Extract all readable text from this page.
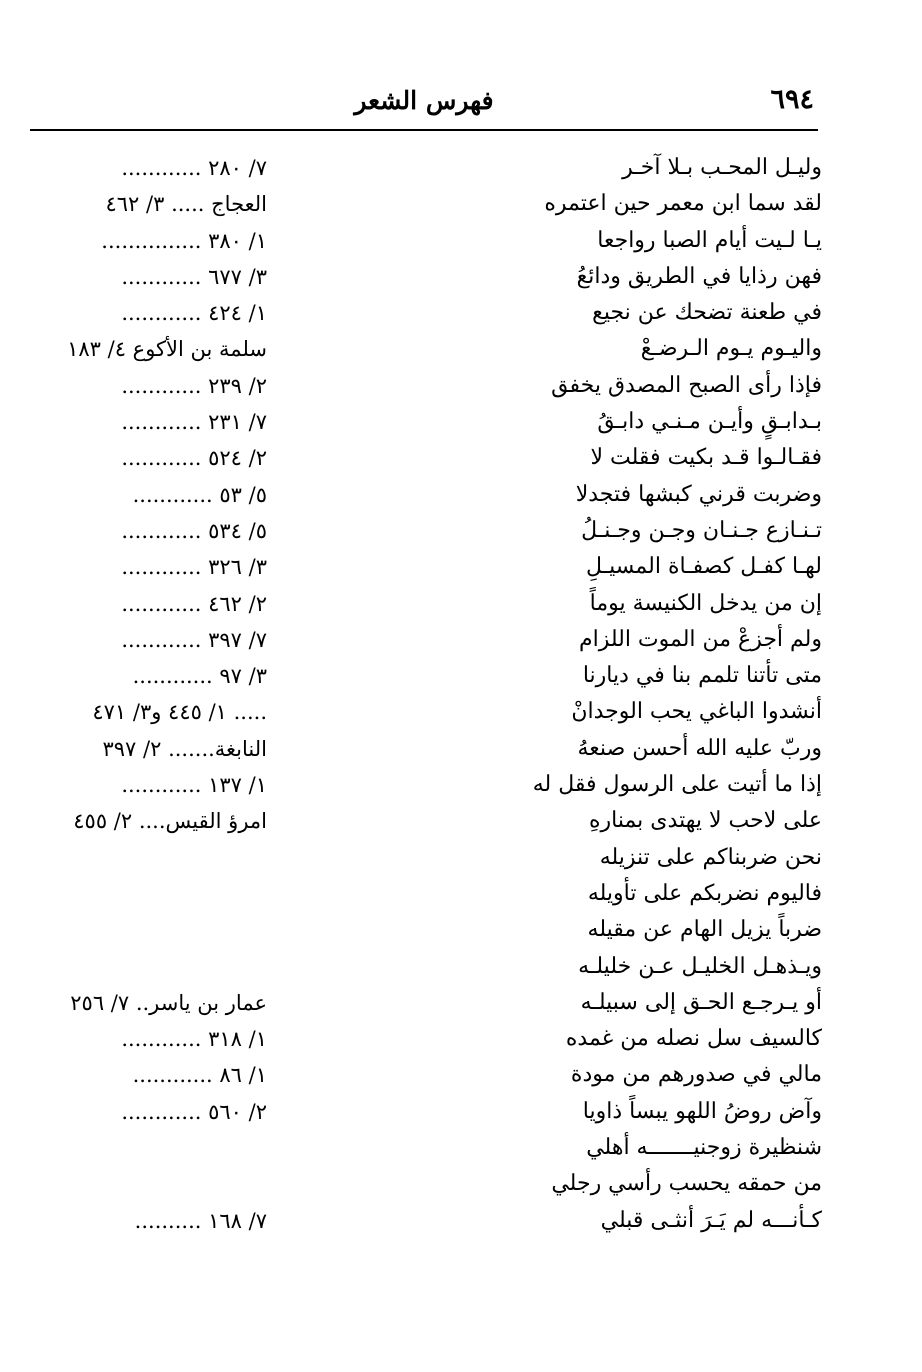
٦٩٤
فهرس الشعر
وليـل المحـب بـلا آخـر
٧/ ٢٨٠ ............
لقد سما ابن معمر حين اعتمره
العجاج ..... ٣/ ٤٦٢
يـا لـيت أيام الصبا رواجعا
١/ ٣٨٠ ...............
فهن رذايا في الطريق ودائعُ
٣/ ٦٧٧ ............
في طعنة تضحك عن نجيع
١/ ٤٢٤ ............
واليـوم يـوم الـرضـعْ
سلمة بن الأكوع ٤/ ١٨٣
فإذا رأى الصبح المصدق يخفق
٢/ ٢٣٩ ............
بـدابـقٍ وأيـن مـنـي دابـقُ
٧/ ٢٣١ ............
فقـالـوا قـد بكيت فقلت لا
٢/ ٥٢٤ ............
وضربت قرني كبشها فتجدلا
٥/ ٥٣ ............
تـنـازع جـنـان وجـن وجـنـلُ
٥/ ٥٣٤ ............
لهـا كفـل كصفـاة المسيـلِ
٣/ ٣٢٦ ............
إن من يدخل الكنيسة يوماً
٢/ ٤٦٢ ............
ولم أجزعْ من الموت اللزام
٧/ ٣٩٧ ............
متى تأتنا تلمم بنا في ديارنا
٣/ ٩٧ ............
أنشدوا الباغي يحب الوجدانْ
..... ١/ ٤٤٥ و٣/ ٤٧١
وربّ عليه الله أحسن صنعهُ
النابغة....... ٢/ ٣٩٧
إذا ما أتيت على الرسول فقل له
١/ ١٣٧ ............
على لاحب لا يهتدى بمنارهِ
امرؤ القيس.... ٢/ ٤٥٥
نحن ضربناكم على تنزيله
فاليوم نضربكم على تأويله
ضرباً يزيل الهام عن مقيله
ويـذهـل الخليـل عـن خليلـه
أو يـرجـع الحـق إلى سبيلـه
عمار بن ياسر.. ٧/ ٢٥٦
كالسيف سل نصله من غمده
١/ ٣١٨ ............
مالي في صدورهم من مودة
١/ ٨٦ ............
وآض روضُ اللهو يبساً ذاويا
٢/ ٥٦٠ ............
شنظيرة زوجنيـــــــه أهلي
من حمقه يحسب رأسي رجلي
كـأنـــه لم يَـرَ أنثـى قبلي
٧/ ١٦٨ ..........
